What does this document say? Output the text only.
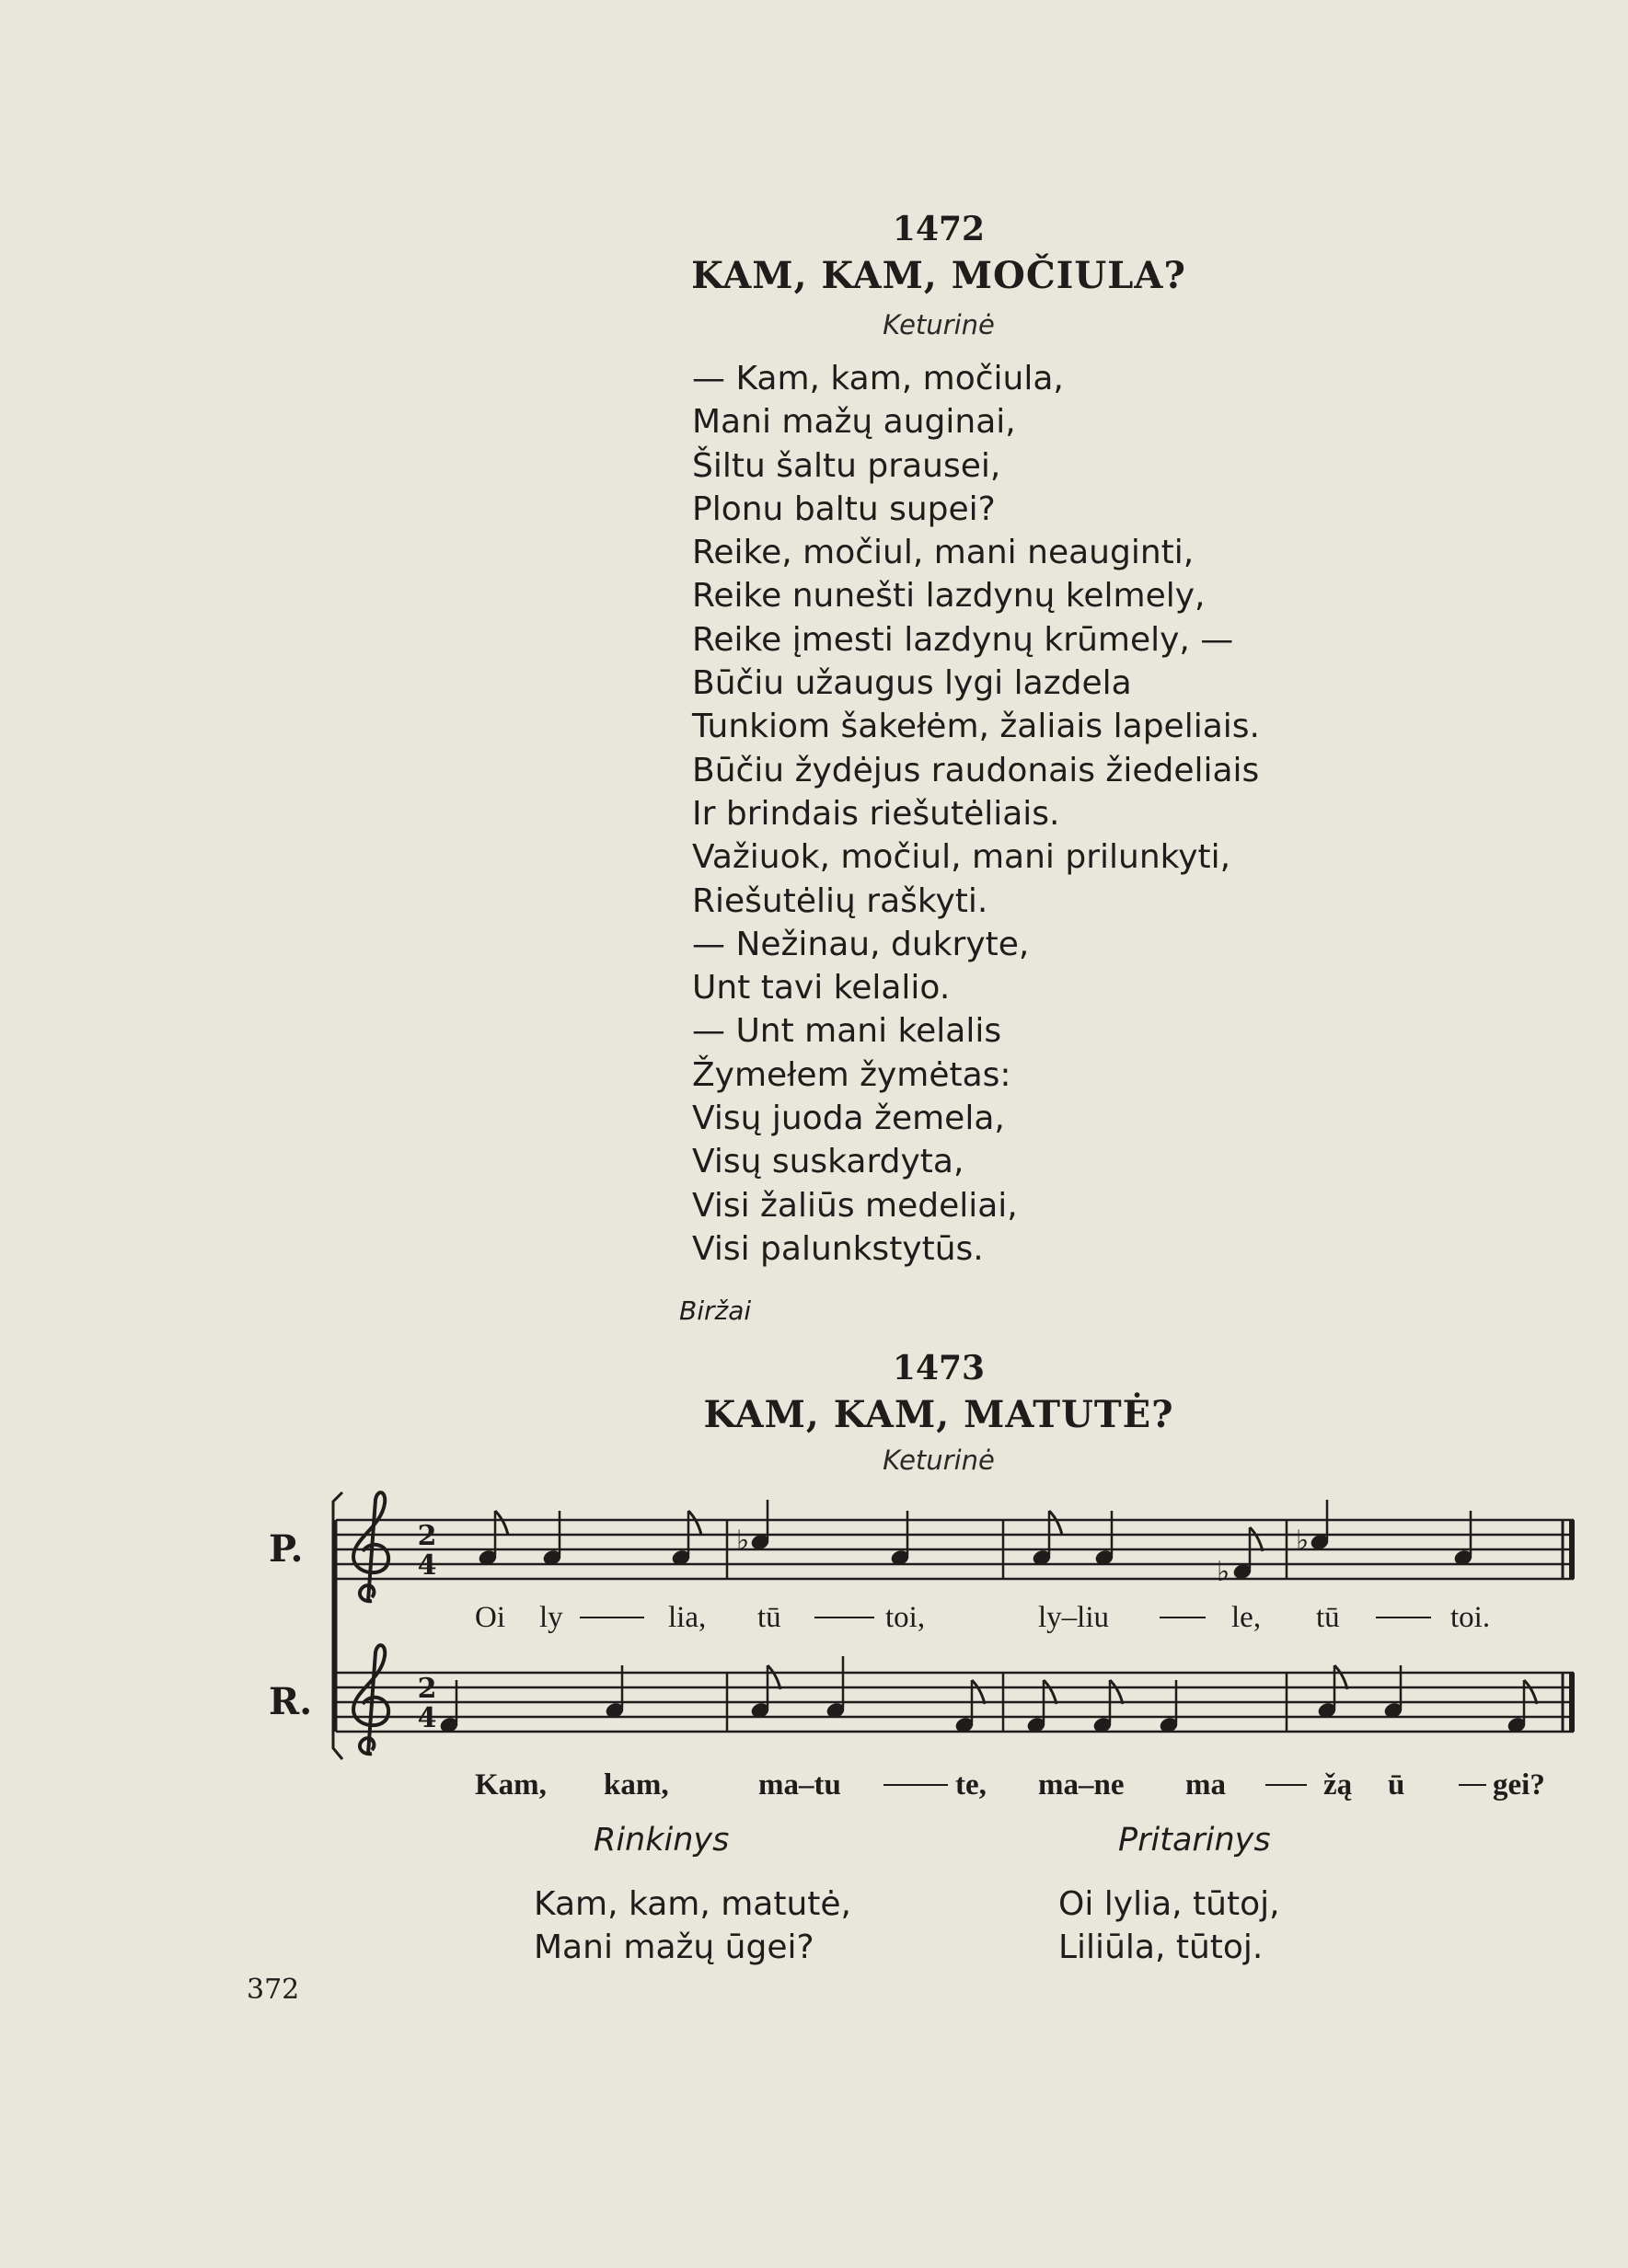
1472
KAM, KAM, MOČIULA?
Keturinė
— Kam, kam, močiula,
Mani mažų auginai,
Šiltu šaltu prausei,
Plonu baltu supei?
Reike, močiul, mani neauginti,
Reike nunešti lazdynų kelmely,
Reike įmesti lazdynų krūmely, —
Būčiu užaugus lygi lazdela
Tunkiom šakełėm, žaliais lapeliais.
Būčiu žydėjus raudonais žiedeliais
Ir brindais riešutėliais.
Važiuok, močiul, mani prilunkyti,
Riešutėlių raškyti.
— Nežinau, dukryte,
Unt tavi kelalio.
— Unt mani kelalis
Žymełem žymėtas:
Visų juoda žemela,
Visų suskardyta,
Visi žaliūs medeliai,
Visi palunkstytūs.
Biržai
1473
KAM, KAM, MATUTĖ?
Keturinė
P.
R.
2
4
2
4
♭
♭
♭
Oi ly	lia, tū	toi,	ly–liu	le, tū	toi.
Kam, kam,	ma–tu	te, ma–ne ma	žą ū	gei?
Rinkinys	Pritarinys
Kam, kam, matutė,
Mani mažų ūgei?
Oi lylia, tūtoj,
Liliūla, tūtoj.
372
